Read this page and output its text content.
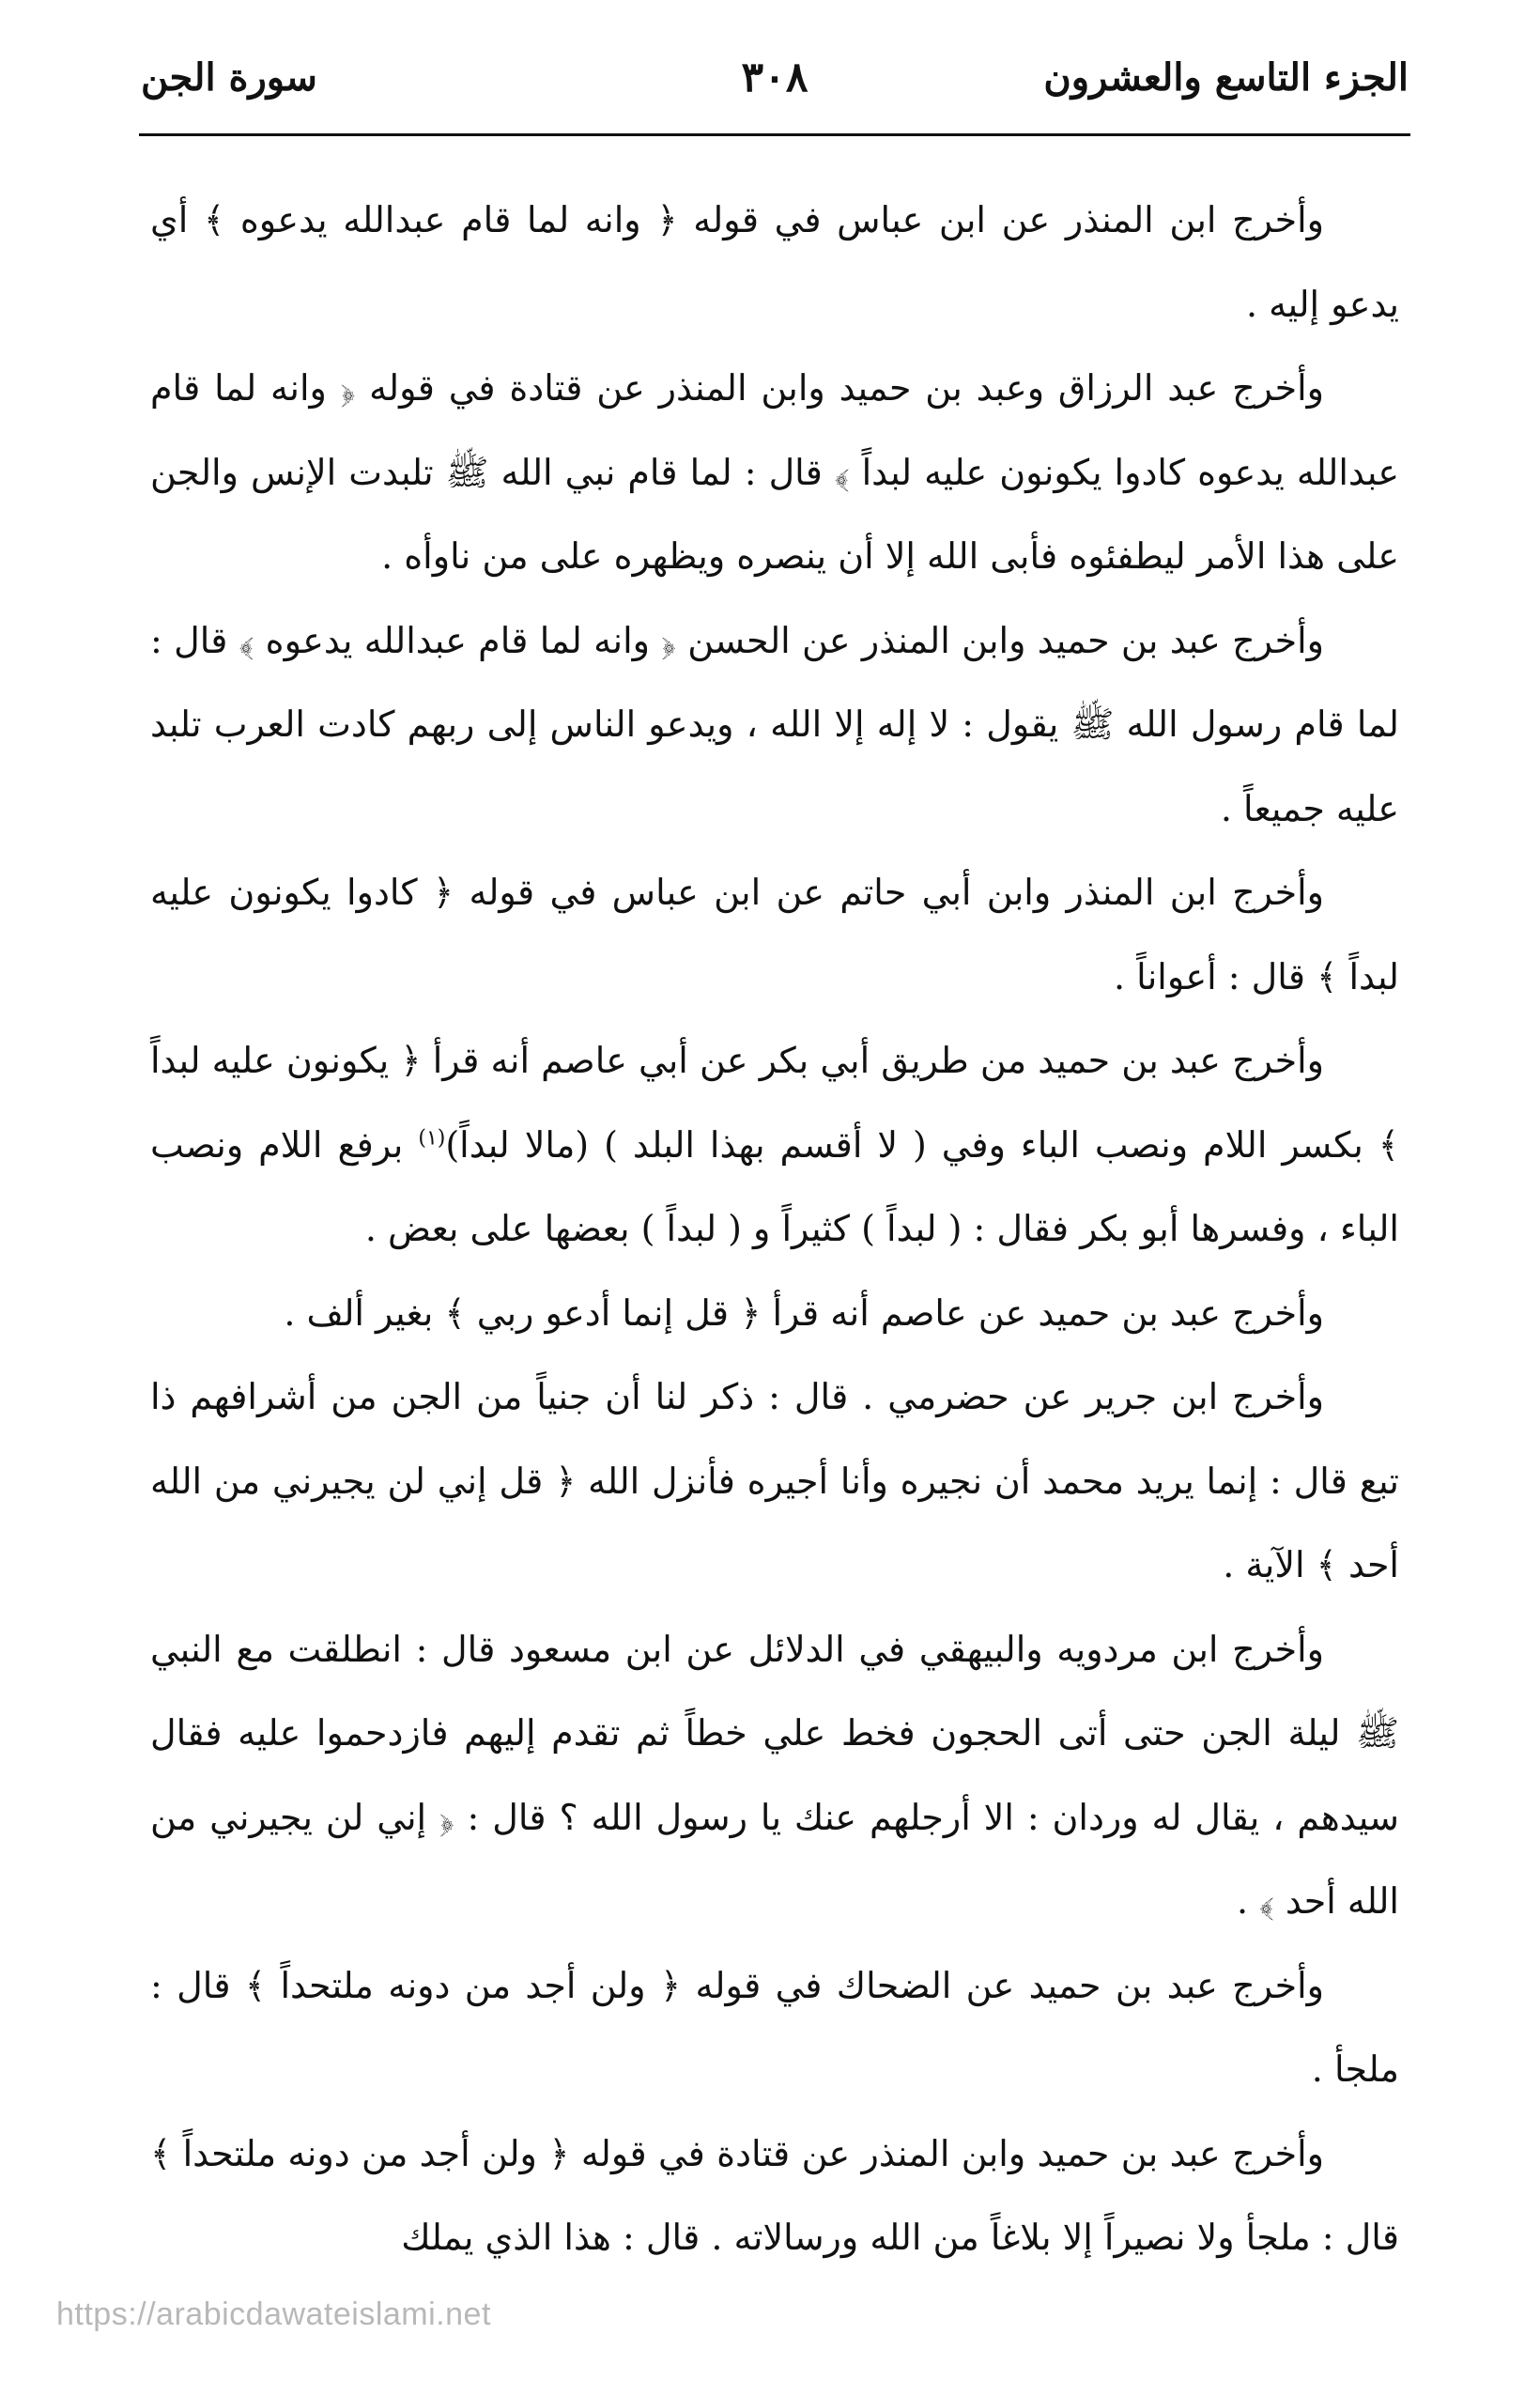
الجزء التاسع والعشرون
٣٠٨
سورة الجن

وأخرج ابن المنذر عن ابن عباس في قوله ﴿ وانه لما قام عبدالله يدعوه ﴾ أي يدعو إليه .

وأخرج عبد الرزاق وعبد بن حميد وابن المنذر عن قتادة في قوله ﴿ وانه لما قام عبدالله يدعوه كادوا يكونون عليه لبداً ﴾ قال : لما قام نبي الله ﷺ تلبدت الإنس والجن على هذا الأمر ليطفئوه فأبى الله إلا أن ينصره ويظهره على من ناوأه .

وأخرج عبد بن حميد وابن المنذر عن الحسن ﴿ وانه لما قام عبدالله يدعوه ﴾ قال : لما قام رسول الله ﷺ يقول : لا إله إلا الله ، ويدعو الناس إلى ربهم كادت العرب تلبد عليه جميعاً .

وأخرج ابن المنذر وابن أبي حاتم عن ابن عباس في قوله ﴿ كادوا يكونون عليه لبداً ﴾ قال : أعواناً .

وأخرج عبد بن حميد من طريق أبي بكر عن أبي عاصم أنه قرأ ﴿ يكونون عليه لبداً ﴾ بكسر اللام ونصب الباء وفي ( لا أقسم بهذا البلد ) (مالا لبداً)$^{(١)}$ برفع اللام ونصب الباء ، وفسرها أبو بكر فقال : ( لبداً ) كثيراً و ( لبداً ) بعضها على بعض .

وأخرج عبد بن حميد عن عاصم أنه قرأ ﴿ قل إنما أدعو ربي ﴾ بغير ألف .

وأخرج ابن جرير عن حضرمي . قال : ذكر لنا أن جنياً من الجن من أشرافهم ذا تبع قال : إنما يريد محمد أن نجيره وأنا أجيره فأنزل الله ﴿ قل إني لن يجيرني من الله أحد ﴾ الآية .

وأخرج ابن مردويه والبيهقي في الدلائل عن ابن مسعود قال : انطلقت مع النبي ﷺ ليلة الجن حتى أتى الحجون فخط علي خطاً ثم تقدم إليهم فازدحموا عليه فقال سيدهم ، يقال له وردان : الا أرجلهم عنك يا رسول الله ؟ قال : ﴿ إني لن يجيرني من الله أحد ﴾ .

وأخرج عبد بن حميد عن الضحاك في قوله ﴿ ولن أجد من دونه ملتحداً ﴾ قال : ملجأ .

وأخرج عبد بن حميد وابن المنذر عن قتادة في قوله ﴿ ولن أجد من دونه ملتحداً ﴾ قال : ملجأ ولا نصيراً إلا بلاغاً من الله ورسالاته . قال : هذا الذي يملك

https://arabicdawateislami.net
